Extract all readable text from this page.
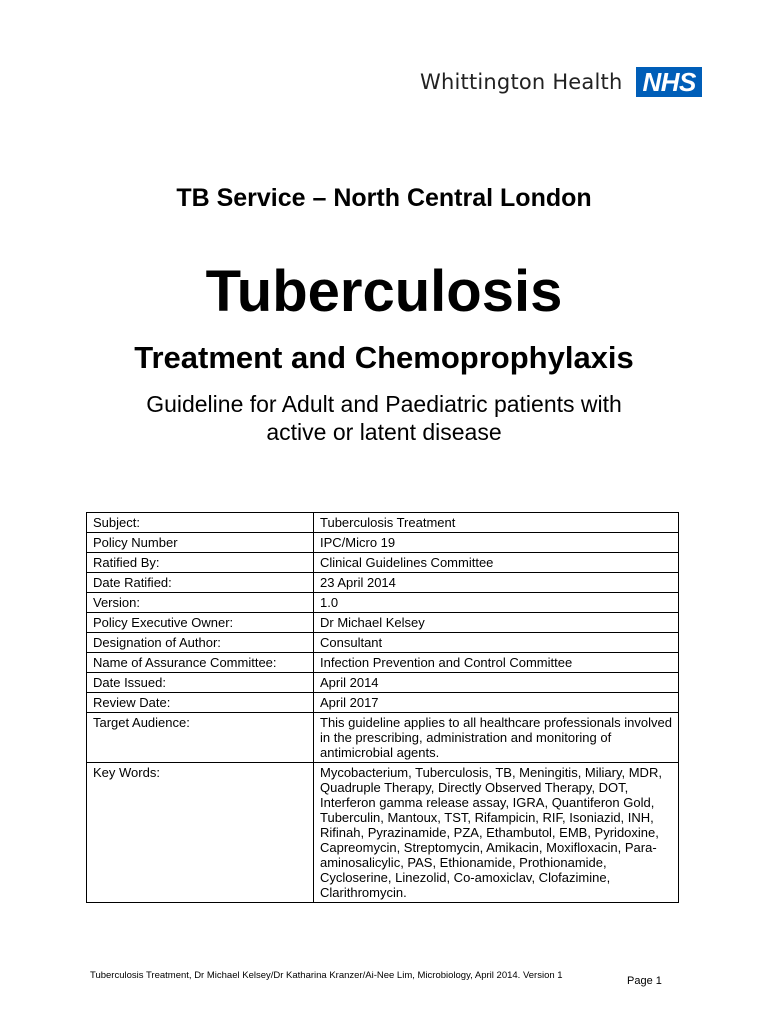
Whittington Health NHS
TB Service – North Central London
Tuberculosis
Treatment and Chemoprophylaxis
Guideline for Adult and Paediatric patients with
active or latent disease
Subject:	Tuberculosis Treatment
Policy Number	IPC/Micro 19
Ratified By:	Clinical Guidelines Committee
Date Ratified:	23 April 2014
Version:	1.0
Policy Executive Owner:	Dr Michael Kelsey
Designation of Author:	Consultant
Name of Assurance Committee:	Infection Prevention and Control Committee
Date Issued:	April 2014
Review Date:	April 2017
Target Audience:	This guideline applies to all healthcare professionals involved in the prescribing, administration and monitoring of antimicrobial agents.
Key Words:	Mycobacterium, Tuberculosis, TB, Meningitis, Miliary, MDR, Quadruple Therapy, Directly Observed Therapy, DOT, Interferon gamma release assay, IGRA, Quantiferon Gold, Tuberculin, Mantoux, TST, Rifampicin, RIF, Isoniazid, INH, Rifinah, Pyrazinamide, PZA, Ethambutol, EMB, Pyridoxine, Capreomycin, Streptomycin, Amikacin, Moxifloxacin, Para-aminosalicylic, PAS, Ethionamide, Prothionamide, Cycloserine, Linezolid, Co-amoxiclav, Clofazimine, Clarithromycin.
Tuberculosis Treatment, Dr Michael Kelsey/Dr Katharina Kranzer/Ai-Nee Lim, Microbiology, April 2014. Version 1	Page 1
